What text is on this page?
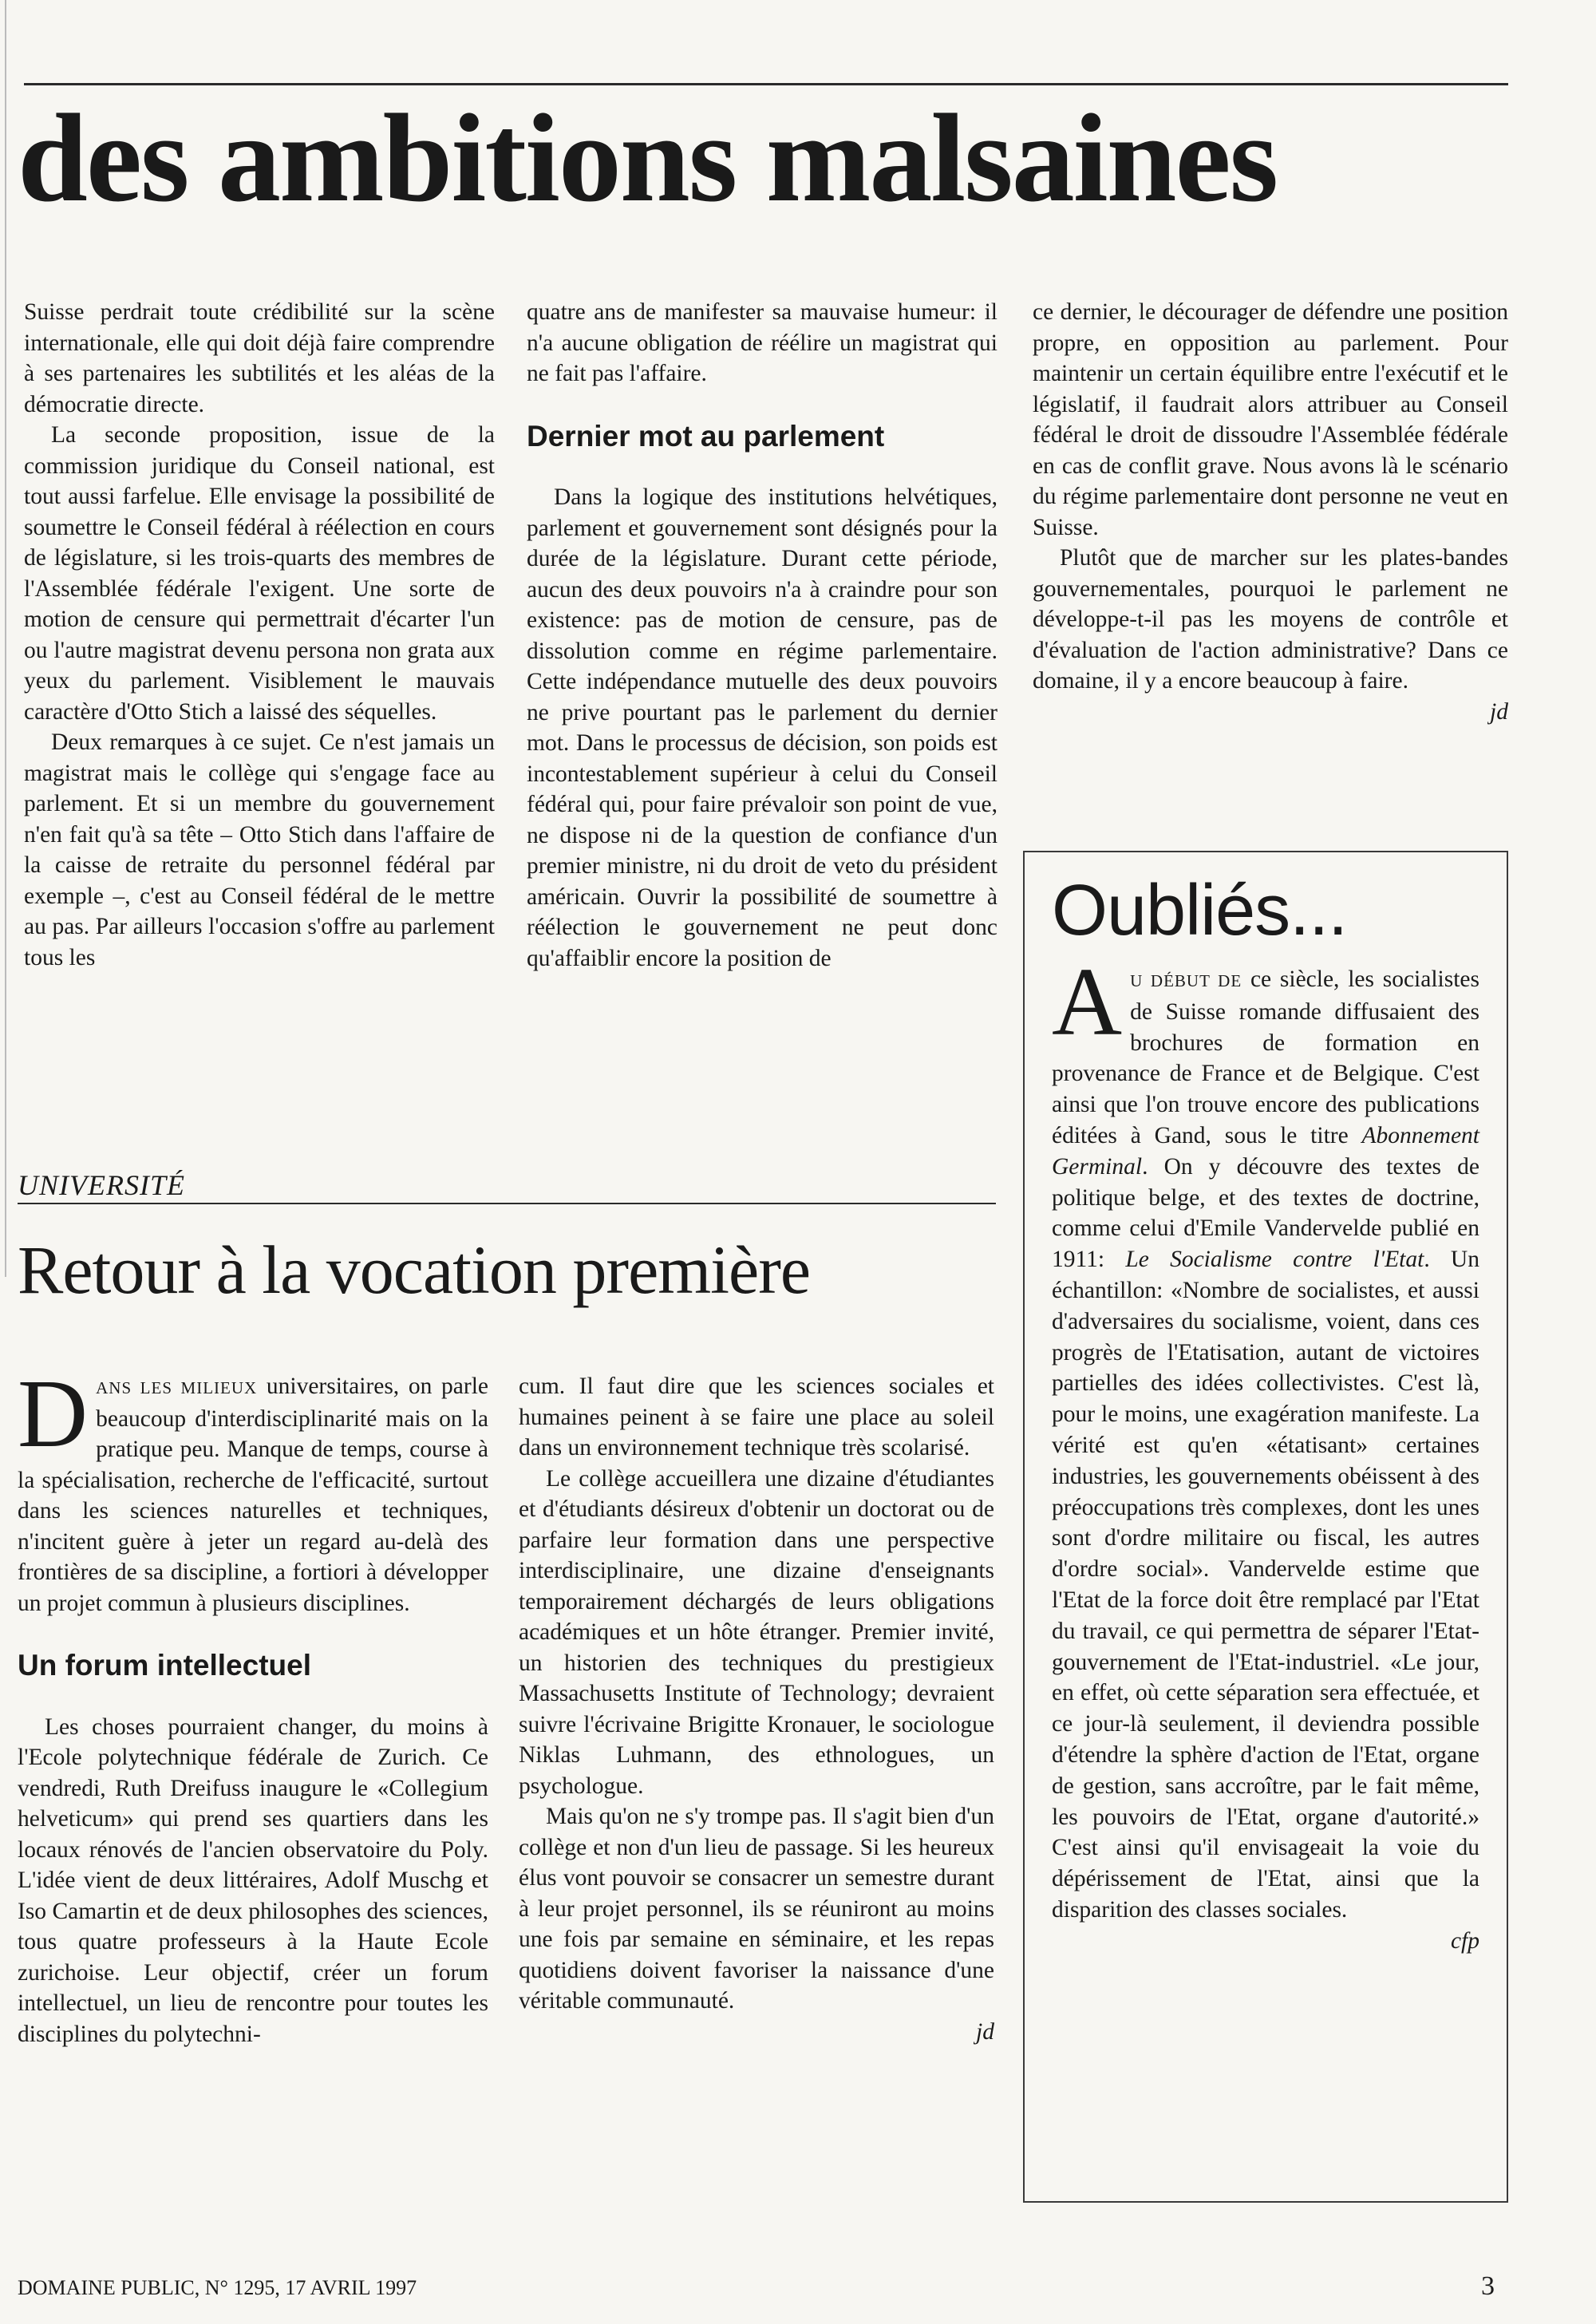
des ambitions malsaines

Suisse perdrait toute crédibilité sur la scène internationale, elle qui doit déjà faire comprendre à ses partenaires les subtilités et les aléas de la démocratie directe.

La seconde proposition, issue de la commission juridique du Conseil national, est tout aussi farfelue. Elle envisage la possibilité de soumettre le Conseil fédéral à réélection en cours de législature, si les trois-quarts des membres de l'Assemblée fédérale l'exigent. Une sorte de motion de censure qui permettrait d'écarter l'un ou l'autre magistrat devenu persona non grata aux yeux du parlement. Visiblement le mauvais caractère d'Otto Stich a laissé des séquelles.

Deux remarques à ce sujet. Ce n'est jamais un magistrat mais le collège qui s'engage face au parlement. Et si un membre du gouvernement n'en fait qu'à sa tête – Otto Stich dans l'affaire de la caisse de retraite du personnel fédéral par exemple –, c'est au Conseil fédéral de le mettre au pas. Par ailleurs l'occasion s'offre au parlement tous les

quatre ans de manifester sa mauvaise humeur: il n'a aucune obligation de réélire un magistrat qui ne fait pas l'affaire.

Dernier mot au parlement

Dans la logique des institutions helvétiques, parlement et gouvernement sont désignés pour la durée de la législature. Durant cette période, aucun des deux pouvoirs n'a à craindre pour son existence: pas de motion de censure, pas de dissolution comme en régime parlementaire. Cette indépendance mutuelle des deux pouvoirs ne prive pourtant pas le parlement du dernier mot. Dans le processus de décision, son poids est incontestablement supérieur à celui du Conseil fédéral qui, pour faire prévaloir son point de vue, ne dispose ni de la question de confiance d'un premier ministre, ni du droit de veto du président américain. Ouvrir la possibilité de soumettre à réélection le gouvernement ne peut donc qu'affaiblir encore la position de

ce dernier, le décourager de défendre une position propre, en opposition au parlement. Pour maintenir un certain équilibre entre l'exécutif et le législatif, il faudrait alors attribuer au Conseil fédéral le droit de dissoudre l'Assemblée fédérale en cas de conflit grave. Nous avons là le scénario du régime parlementaire dont personne ne veut en Suisse.

Plutôt que de marcher sur les plates-bandes gouvernementales, pourquoi le parlement ne développe-t-il pas les moyens de contrôle et d'évaluation de l'action administrative? Dans ce domaine, il y a encore beaucoup à faire.

jd
UNIVERSITÉ
Retour à la vocation première

DANS LES MILIEUX universitaires, on parle beaucoup d'interdisciplinarité mais on la pratique peu. Manque de temps, course à la spécialisation, recherche de l'efficacité, surtout dans les sciences naturelles et techniques, n'incitent guère à jeter un regard au-delà des frontières de sa discipline, a fortiori à développer un projet commun à plusieurs disciplines.

Un forum intellectuel

Les choses pourraient changer, du moins à l'Ecole polytechnique fédérale de Zurich. Ce vendredi, Ruth Dreifuss inaugure le «Collegium helveticum» qui prend ses quartiers dans les locaux rénovés de l'ancien observatoire du Poly. L'idée vient de deux littéraires, Adolf Muschg et Iso Camartin et de deux philosophes des sciences, tous quatre professeurs à la Haute Ecole zurichoise. Leur objectif, créer un forum intellectuel, un lieu de rencontre pour toutes les disciplines du polytechni-

cum. Il faut dire que les sciences sociales et humaines peinent à se faire une place au soleil dans un environnement technique très scolarisé.

Le collège accueillera une dizaine d'étudiantes et d'étudiants désireux d'obtenir un doctorat ou de parfaire leur formation dans une perspective interdisciplinaire, une dizaine d'enseignants temporairement déchargés de leurs obligations académiques et un hôte étranger. Premier invité, un historien des techniques du prestigieux Massachusetts Institute of Technology; devraient suivre l'écrivaine Brigitte Kronauer, le sociologue Niklas Luhmann, des ethnologues, un psychologue.

Mais qu'on ne s'y trompe pas. Il s'agit bien d'un collège et non d'un lieu de passage. Si les heureux élus vont pouvoir se consacrer un semestre durant à leur projet personnel, ils se réuniront au moins une fois par semaine en séminaire, et les repas quotidiens doivent favoriser la naissance d'une véritable communauté.

jd
Oubliés...
AU DÉBUT DE ce siècle, les socialistes de Suisse romande diffusaient des brochures de formation en provenance de France et de Belgique. C'est ainsi que l'on trouve encore des publications éditées à Gand, sous le titre Abonnement Germinal. On y découvre des textes de politique belge, et des textes de doctrine, comme celui d'Emile Vandervelde publié en 1911: Le Socialisme contre l'Etat. Un échantillon: «Nombre de socialistes, et aussi d'adversaires du socialisme, voient, dans ces progrès de l'Etatisation, autant de victoires partielles des idées collectivistes. C'est là, pour le moins, une exagération manifeste. La vérité est qu'en «étatisant» certaines industries, les gouvernements obéissent à des préoccupations très complexes, dont les unes sont d'ordre militaire ou fiscal, les autres d'ordre social». Vandervelde estime que l'Etat de la force doit être remplacé par l'Etat du travail, ce qui permettra de séparer l'Etat-gouvernement de l'Etat-industriel. «Le jour, en effet, où cette séparation sera effectuée, et ce jour-là seulement, il deviendra possible d'étendre la sphère d'action de l'Etat, organe de gestion, sans accroître, par le fait même, les pouvoirs de l'Etat, organe d'autorité.» C'est ainsi qu'il envisageait la voie du dépérissement de l'Etat, ainsi que la disparition des classes sociales.
cfp
DOMAINE PUBLIC, N° 1295, 17 AVRIL 1997	3
